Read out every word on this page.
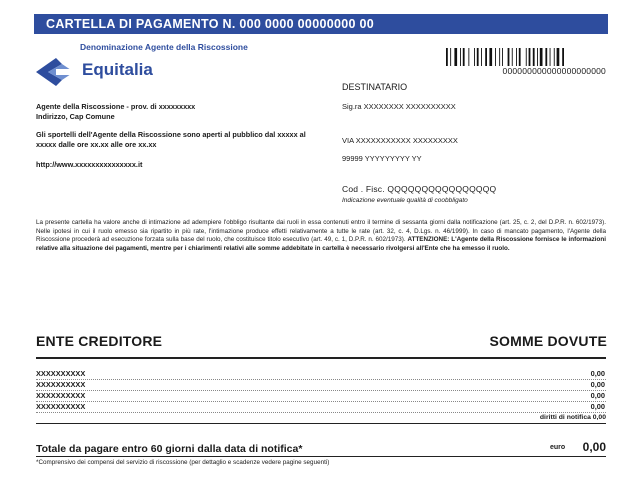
CARTELLA DI PAGAMENTO N. 000 0000 00000000 00
Denominazione Agente della Riscossione
Equitalia
Agente della Riscossione - prov. di xxxxxxxxx
Indirizzo, Cap Comune
Gli sportelli dell'Agente della Riscossione sono aperti al pubblico dal xxxxx al xxxxx dalle ore xx.xx alle ore xx.xx
http://www.xxxxxxxxxxxxxxx.it
000000000000000000000
DESTINATARIO
Sig.ra XXXXXXXX XXXXXXXXXX
VIA XXXXXXXXXXX XXXXXXXXX
99999 YYYYYYYYY YY
Cod . Fisc. QQQQQQQQQQQQQQQQ
Indicazione eventuale qualità di coobbligato
La presente cartella ha valore anche di intimazione ad adempiere l'obbligo risultante dai ruoli in essa contenuti entro il termine di sessanta giorni dalla notificazione (art. 25, c. 2, del D.P.R. n. 602/1973). Nelle ipotesi in cui il ruolo emesso sia ripartito in più rate, l'intimazione produce effetti relativamente a tutte le rate (art. 32, c. 4, D.Lgs. n. 46/1999). In caso di mancato pagamento, l'Agente della Riscossione procederà ad esecuzione forzata sulla base del ruolo, che costituisce titolo esecutivo (art. 49, c. 1, D.P.R. n. 602/1973). ATTENZIONE: L'Agente della Riscossione fornisce le informazioni relative alla situazione dei pagamenti, mentre per i chiarimenti relativi alle somme addebitate in cartella è necessario rivolgersi all'Ente che ha emesso il ruolo.
ENTE CREDITORE	SOMME DOVUTE
XXXXXXXXXX	0,00
XXXXXXXXXX	0,00
XXXXXXXXXX	0,00
XXXXXXXXXX	0,00
diritti di notifica 0,00
Totale da pagare entro 60 giorni dalla data di notifica*	euro 0,00
*Comprensivo dei compensi del servizio di riscossione (per dettaglio e scadenze vedere pagine seguenti)
